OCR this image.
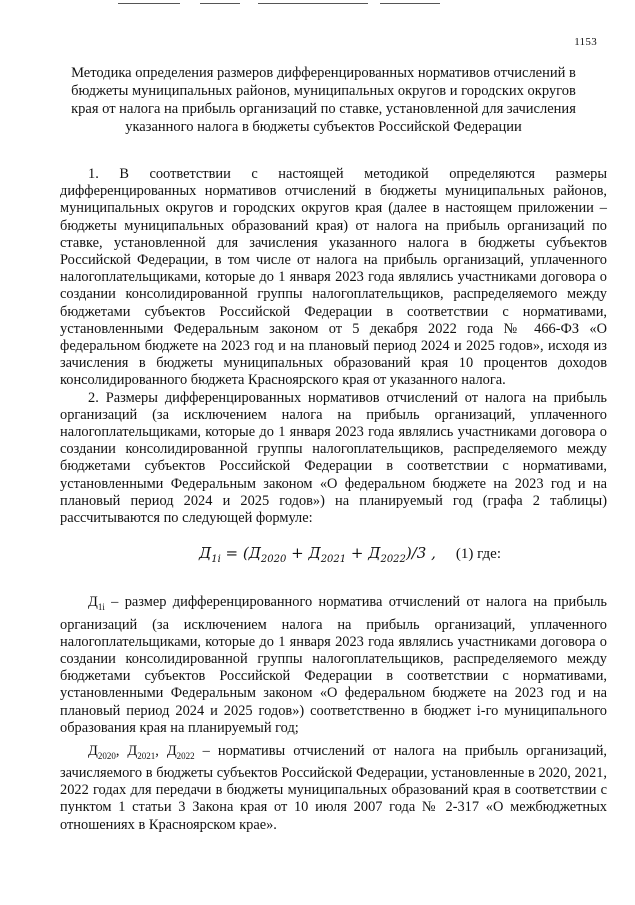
1153
Методика определения размеров дифференцированных нормативов отчислений в бюджеты муниципальных районов, муниципальных округов и городских округов края от налога на прибыль организаций по ставке, установленной для зачисления указанного налога в бюджеты субъектов Российской Федерации

1. В соответствии с настоящей методикой определяются размеры дифференцированных нормативов отчислений в бюджеты муниципальных районов, муниципальных округов и городских округов края (далее в настоящем приложении – бюджеты муниципальных образований края) от налога на прибыль организаций по ставке, установленной для зачисления указанного налога в бюджеты субъектов Российской Федерации, в том числе от налога на прибыль организаций, уплаченного налогоплательщиками, которые до 1 января 2023 года являлись участниками договора о создании консолидированной группы налогоплательщиков, распределяемого между бюджетами субъектов Российской Федерации в соответствии с нормативами, установленными Федеральным законом от 5 декабря 2022 года № 466-ФЗ «О федеральном бюджете на 2023 год и на плановый период 2024 и 2025 годов», исходя из зачисления в бюджеты муниципальных образований края 10 процентов доходов консолидированного бюджета Красноярского края от указанного налога.

2. Размеры дифференцированных нормативов отчислений от налога на прибыль организаций (за исключением налога на прибыль организаций, уплаченного налогоплательщиками, которые до 1 января 2023 года являлись участниками договора о создании консолидированной группы налогоплательщиков, распределяемого между бюджетами субъектов Российской Федерации в соответствии с нормативами, установленными Федеральным законом «О федеральном бюджете на 2023 год и на плановый период 2024 и 2025 годов») на планируемый год (графа 2 таблицы) рассчитываются по следующей формуле:

$Д_{1i} = (Д_{2020} + Д_{2021} + Д_{2022})/3$ , (1) где:

$Д_{1i}$ – размер дифференцированного норматива отчислений от налога на прибыль организаций (за исключением налога на прибыль организаций, уплаченного налогоплательщиками, которые до 1 января 2023 года являлись участниками договора о создании консолидированной группы налогоплательщиков, распределяемого между бюджетами субъектов Российской Федерации в соответствии с нормативами, установленными Федеральным законом «О федеральном бюджете на 2023 год и на плановый период 2024 и 2025 годов») соответственно в бюджет i-го муниципального образования края на планируемый год;

$Д_{2020}$, $Д_{2021}$, $Д_{2022}$ – нормативы отчислений от налога на прибыль организаций, зачисляемого в бюджеты субъектов Российской Федерации, установленные в 2020, 2021, 2022 годах для передачи в бюджеты муниципальных образований края в соответствии с пунктом 1 статьи 3 Закона края от 10 июля 2007 года № 2-317 «О межбюджетных отношениях в Красноярском крае».
